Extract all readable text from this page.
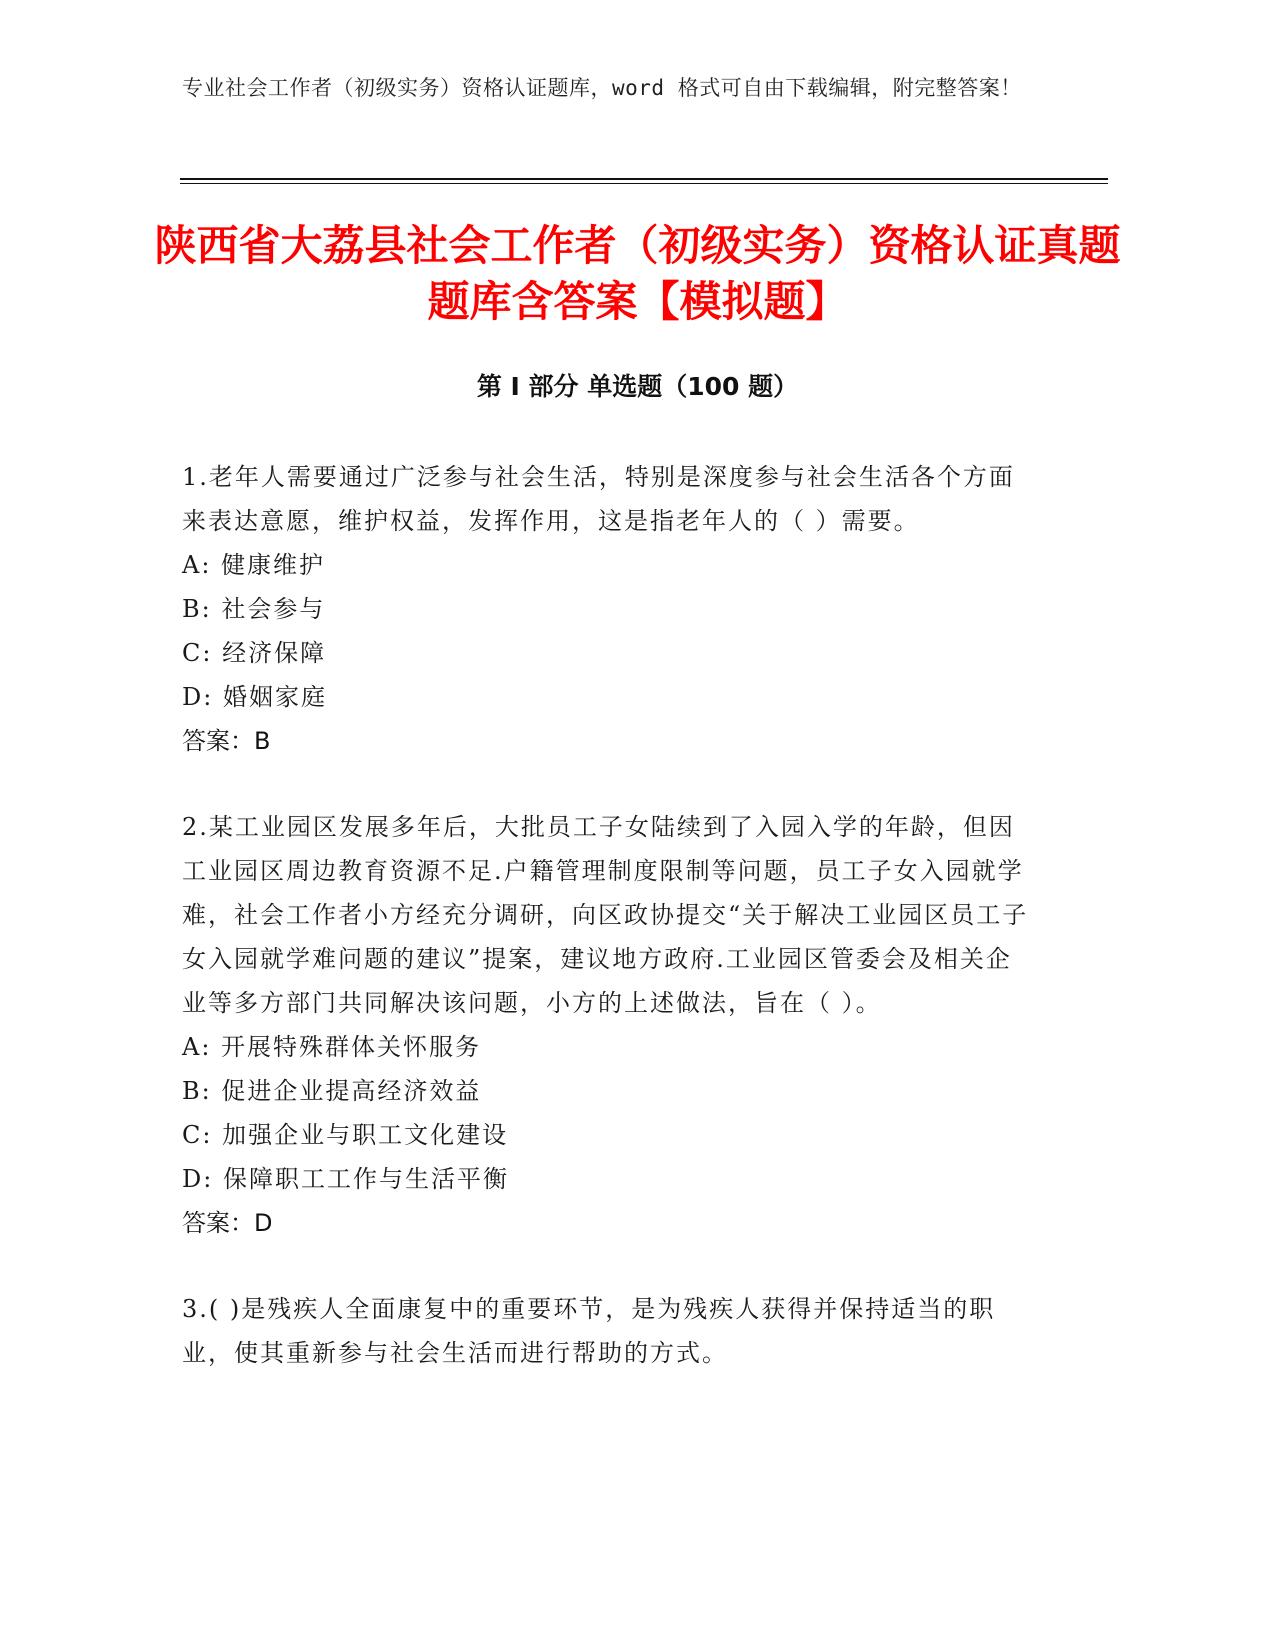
专业社会工作者（初级实务）资格认证题库，word 格式可自由下载编辑，附完整答案！
陕西省大荔县社会工作者（初级实务）资格认证真题题库含答案【模拟题】
第 I 部分 单选题（100 题）

1.老年人需要通过广泛参与社会生活，特别是深度参与社会生活各个方面来表达意愿，维护权益，发挥作用，这是指老年人的（ ）需要。

A: 健康维护

B: 社会参与

C: 经济保障

D: 婚姻家庭

答案：B

2.某工业园区发展多年后，大批员工子女陆续到了入园入学的年龄，但因工业园区周边教育资源不足.户籍管理制度限制等问题，员工子女入园就学难，社会工作者小方经充分调研，向区政协提交“关于解决工业园区员工子女入园就学难问题的建议”提案，建议地方政府.工业园区管委会及相关企业等多方部门共同解决该问题，小方的上述做法，旨在（ ）。

A: 开展特殊群体关怀服务

B: 促进企业提高经济效益

C: 加强企业与职工文化建设

D: 保障职工工作与生活平衡

答案：D

3.( )是残疾人全面康复中的重要环节，是为残疾人获得并保持适当的职业，使其重新参与社会生活而进行帮助的方式。
